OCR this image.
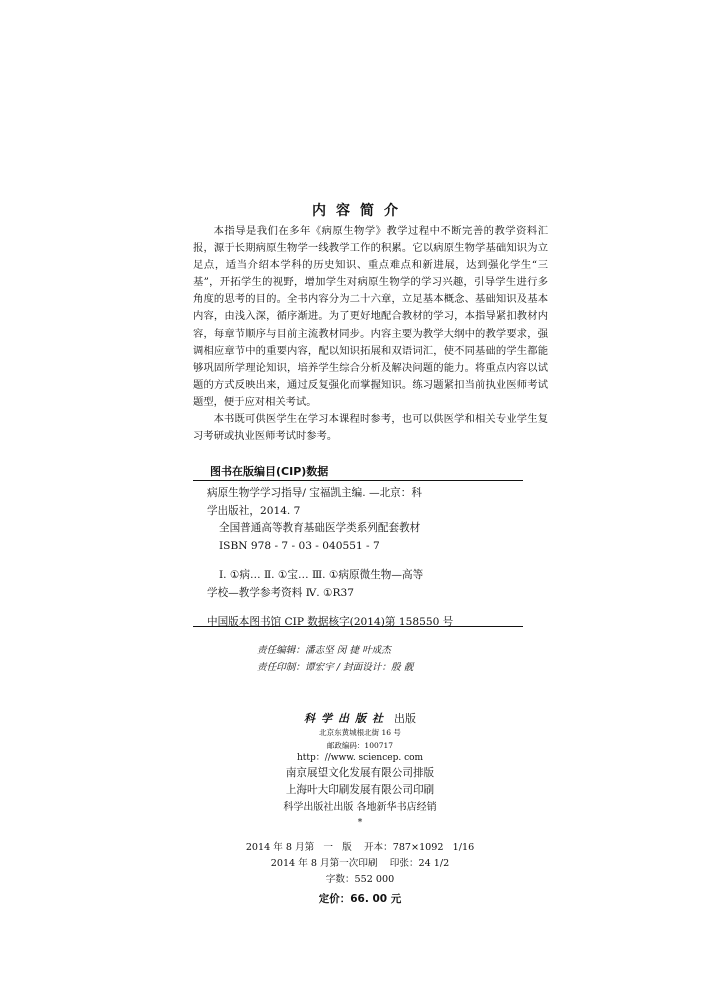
内容简介

本指导是我们在多年《病原生物学》教学过程中不断完善的教学资料汇报，源于长期病原生物学一线教学工作的积累。它以病原生物学基础知识为立足点，适当介绍本学科的历史知识、重点难点和新进展，达到强化学生“三基”，开拓学生的视野，增加学生对病原生物学的学习兴趣，引导学生进行多角度的思考的目的。全书内容分为二十六章，立足基本概念、基础知识及基本内容，由浅入深，循序渐进。为了更好地配合教材的学习，本指导紧扣教材内容，每章节顺序与目前主流教材同步。内容主要为教学大纲中的教学要求，强调相应章节中的重要内容，配以知识拓展和双语词汇，使不同基础的学生都能够巩固所学理论知识，培养学生综合分析及解决问题的能力。将重点内容以试题的方式反映出来，通过反复强化而掌握知识。练习题紧扣当前执业医师考试题型，便于应对相关考试。

本书既可供医学生在学习本课程时参考，也可以供医学和相关专业学生复习考研或执业医师考试时参考。

图书在版编目(CIP)数据
病原生物学学习指导/ 宝福凯主编. —北京：科
学出版社，2014. 7
全国普通高等教育基础医学类系列配套教材
ISBN 978 - 7 - 03 - 040551 - 7
Ⅰ. ①病… Ⅱ. ①宝… Ⅲ. ①病原微生物—高等
学校—教学参考资料 Ⅳ. ①R37
中国版本图书馆 CIP 数据核字(2014)第 158550 号
责任编辑：潘志坚 闵 捷 叶成杰
责任印制：谭宏宇 / 封面设计：殷 靓
科学出版社 出版
北京东黄城根北街 16 号
邮政编码：100717
http：//www. sciencep. com
南京展望文化发展有限公司排版
上海叶大印刷发展有限公司印刷
科学出版社出版 各地新华书店经销
*
2014 年 8 月第   一   版    开本：787×1092   1/16
2014 年 8 月第一次印刷    印张：24 1/2
字数：552 000
定价：66. 00 元
